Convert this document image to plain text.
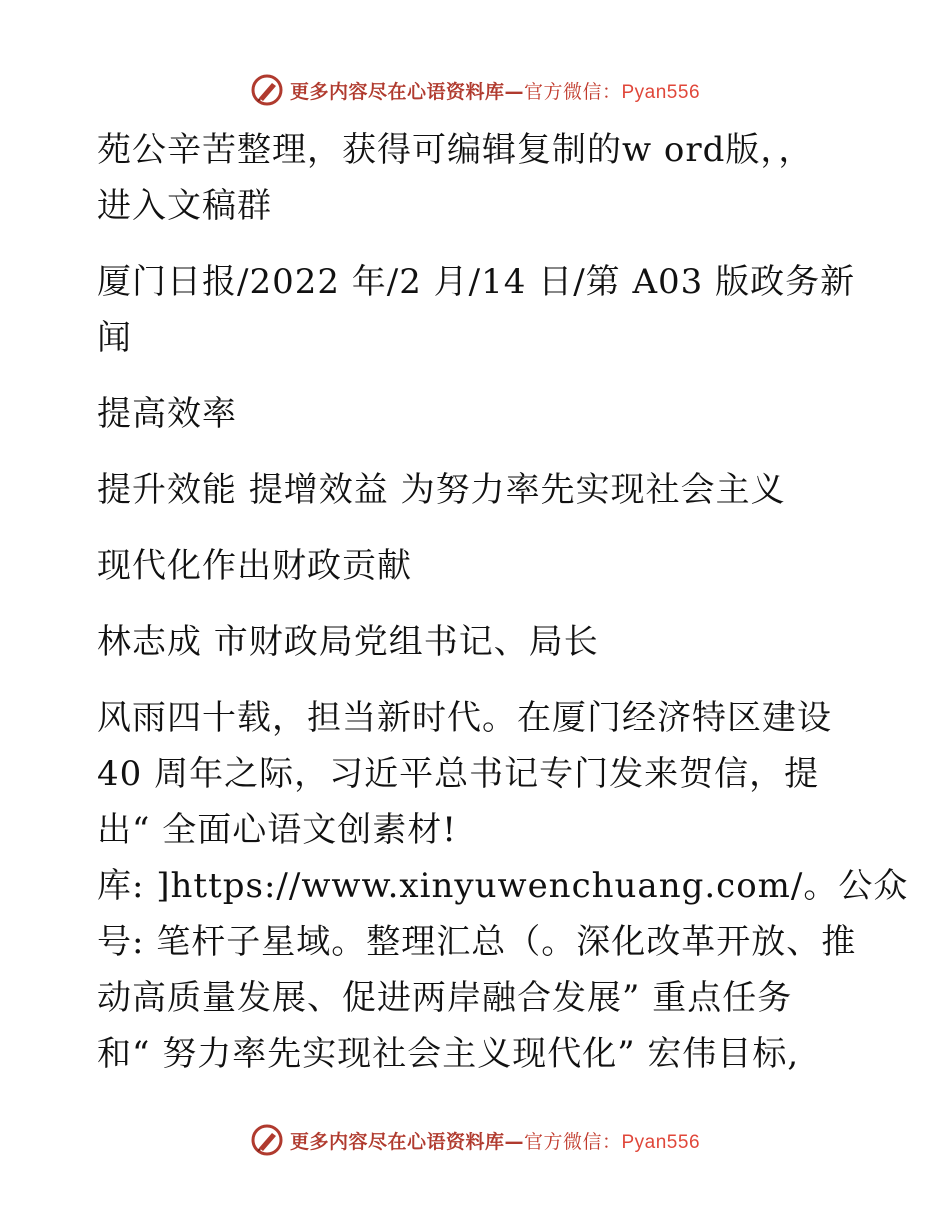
更多内容尽在心语资料库—官方微信：Pyan556
苑公辛苦整理，获得可编辑复制的w ord版，，
进入文稿群
厦门日报/2022 年/2 月/14 日/第 A03 版政务新
闻
提高效率
提升效能 提增效益 为努力率先实现社会主义
现代化作出财政贡献
林志成 市财政局党组书记、局长
风雨四十载，担当新时代。在厦门经济特区建设
40 周年之际，习近平总书记专门发来贺信，提
出“ 全面心语文创素材!
库: ]https://www.xinyuwenchuang.com/。公众
号: 笔杆子星域。整理汇总（。深化改革开放、推
动高质量发展、促进两岸融合发展” 重点任务
和“ 努力率先实现社会主义现代化” 宏伟目标,
更多内容尽在心语资料库—官方微信：Pyan556
